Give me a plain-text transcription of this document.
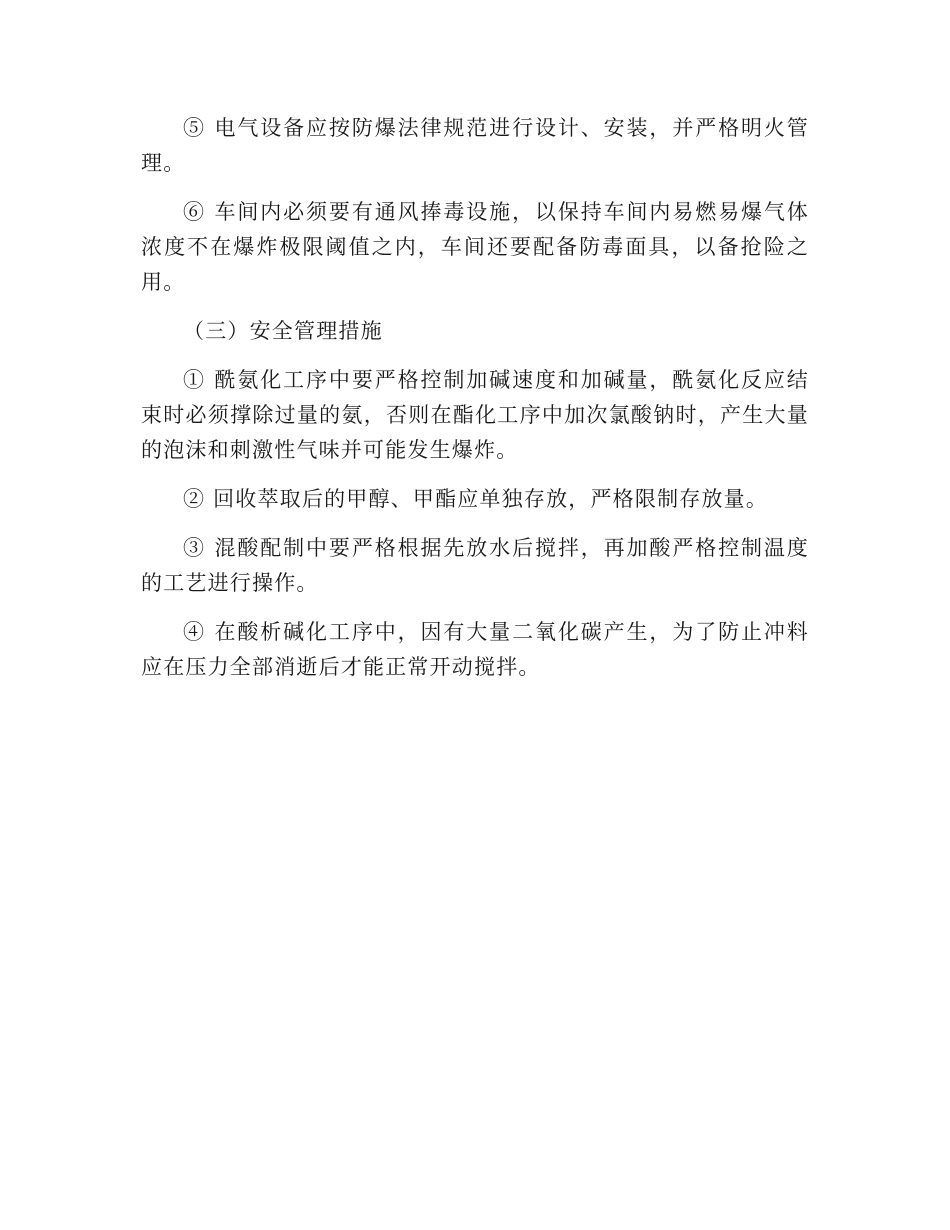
⑤ 电气设备应按防爆法律规范进行设计、安装，并严格明火管理。

⑥ 车间内必须要有通风捧毒设施，以保持车间内易燃易爆气体浓度不在爆炸极限阈值之内，车间还要配备防毒面具，以备抢险之用。

（三）安全管理措施

① 酰氨化工序中要严格控制加碱速度和加碱量，酰氨化反应结束时必须撑除过量的氨，否则在酯化工序中加次氯酸钠时，产生大量的泡沫和刺激性气味并可能发生爆炸。

② 回收萃取后的甲醇、甲酯应单独存放，严格限制存放量。

③ 混酸配制中要严格根据先放水后搅拌，再加酸严格控制温度的工艺进行操作。

④ 在酸析碱化工序中，因有大量二氧化碳产生，为了防止冲料应在压力全部消逝后才能正常开动搅拌。
